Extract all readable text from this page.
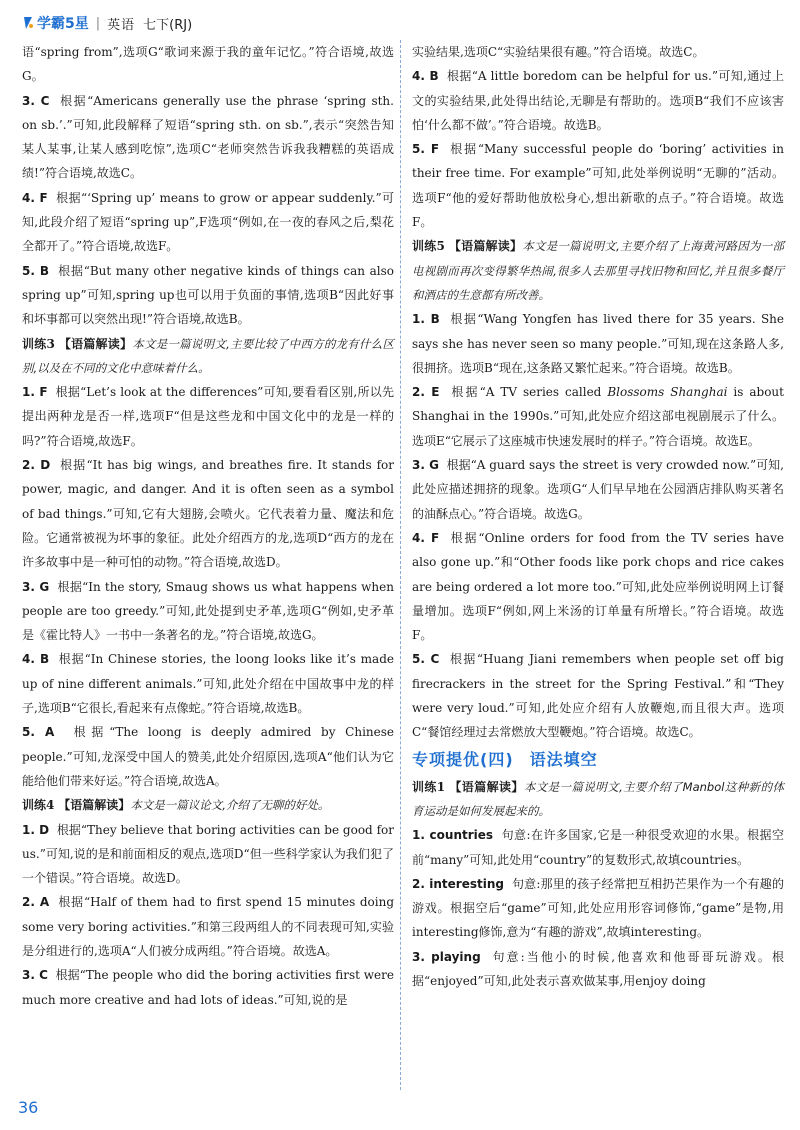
学霸5星 | 英语 七下(RJ)

语“spring from”,选项G“歌词来源于我的童年记忆。”符合语境,故选G。

3. C 根据“Americans generally use the phrase ‘spring sth. on sb.’.”可知,此段解释了短语“spring sth. on sb.”,表示“突然告知某人某事,让某人感到吃惊”,选项C“老师突然告诉我我糟糕的英语成绩!”符合语境,故选C。

4. F 根据“‘Spring up’ means to grow or appear suddenly.”可知,此段介绍了短语“spring up”,F选项“例如,在一夜的春风之后,梨花全都开了。”符合语境,故选F。

5. B 根据“But many other negative kinds of things can also spring up”可知,spring up也可以用于负面的事情,选项B“因此好事和坏事都可以突然出现!”符合语境,故选B。

训练3 【语篇解读】本文是一篇说明文,主要比较了中西方的龙有什么区别,以及在不同的文化中意味着什么。

1. F 根据“Let’s look at the differences”可知,要看看区别,所以先提出两种龙是否一样,选项F“但是这些龙和中国文化中的龙是一样的吗?”符合语境,故选F。

2. D 根据“It has big wings, and breathes fire. It stands for power, magic, and danger. And it is often seen as a symbol of bad things.”可知,它有大翅膀,会喷火。它代表着力量、魔法和危险。它通常被视为坏事的象征。此处介绍西方的龙,选项D“西方的龙在许多故事中是一种可怕的动物。”符合语境,故选D。

3. G 根据“In the story, Smaug shows us what happens when people are too greedy.”可知,此处提到史矛革,选项G“例如,史矛革是《霍比特人》一书中一条著名的龙。”符合语境,故选G。

4. B 根据“In Chinese stories, the loong looks like it’s made up of nine different animals.”可知,此处介绍在中国故事中龙的样子,选项B“它很长,看起来有点像蛇。”符合语境,故选B。

5. A 根据“The loong is deeply admired by Chinese people.”可知,龙深受中国人的赞美,此处介绍原因,选项A“他们认为它能给他们带来好运。”符合语境,故选A。

训练4 【语篇解读】本文是一篇议论文,介绍了无聊的好处。

1. D 根据“They believe that boring activities can be good for us.”可知,说的是和前面相反的观点,选项D“但一些科学家认为我们犯了一个错误。”符合语境。故选D。

2. A 根据“Half of them had to first spend 15 minutes doing some very boring activities.”和第三段两组人的不同表现可知,实验是分组进行的,选项A“人们被分成两组。”符合语境。故选A。

3. C 根据“The people who did the boring activities first were much more creative and had lots of ideas.”可知,说的是

实验结果,选项C“实验结果很有趣。”符合语境。故选C。

4. B 根据“A little boredom can be helpful for us.”可知,通过上文的实验结果,此处得出结论,无聊是有帮助的。选项B“我们不应该害怕‘什么都不做’。”符合语境。故选B。

5. F 根据“Many successful people do ‘boring’ activities in their free time. For example”可知,此处举例说明“无聊的”活动。选项F“他的爱好帮助他放松身心,想出新歌的点子。”符合语境。故选F。

训练5 【语篇解读】本文是一篇说明文,主要介绍了上海黄河路因为一部电视剧而再次变得繁华热闹,很多人去那里寻找旧物和回忆,并且很多餐厅和酒店的生意都有所改善。

1. B 根据“Wang Yongfen has lived there for 35 years. She says she has never seen so many people.”可知,现在这条路人多,很拥挤。选项B“现在,这条路又繁忙起来。”符合语境。故选B。

2. E 根据“A TV series called Blossoms Shanghai is about Shanghai in the 1990s.”可知,此处应介绍这部电视剧展示了什么。选项E“它展示了这座城市快速发展时的样子。”符合语境。故选E。

3. G 根据“A guard says the street is very crowded now.”可知,此处应描述拥挤的现象。选项G“人们早早地在公园酒店排队购买著名的油酥点心。”符合语境。故选G。

4. F 根据“Online orders for food from the TV series have also gone up.”和“Other foods like pork chops and rice cakes are being ordered a lot more too.”可知,此处应举例说明网上订餐量增加。选项F“例如,网上米汤的订单量有所增长。”符合语境。故选F。

5. C 根据“Huang Jiani remembers when people set off big firecrackers in the street for the Spring Festival.”和“They were very loud.”可知,此处应介绍有人放鞭炮,而且很大声。选项C“餐馆经理过去常燃放大型鞭炮。”符合语境。故选C。

专项提优(四) 语法填空

训练1 【语篇解读】本文是一篇说明文,主要介绍了Manbol这种新的体育运动是如何发展起来的。

1. countries 句意:在许多国家,它是一种很受欢迎的水果。根据空前“many”可知,此处用“country”的复数形式,故填countries。

2. interesting 句意:那里的孩子经常把互相扔芒果作为一个有趣的游戏。根据空后“game”可知,此处应用形容词修饰,“game”是物,用interesting修饰,意为“有趣的游戏”,故填interesting。

3. playing 句意:当他小的时候,他喜欢和他哥哥玩游戏。根据“enjoyed”可知,此处表示喜欢做某事,用enjoy doing

36
